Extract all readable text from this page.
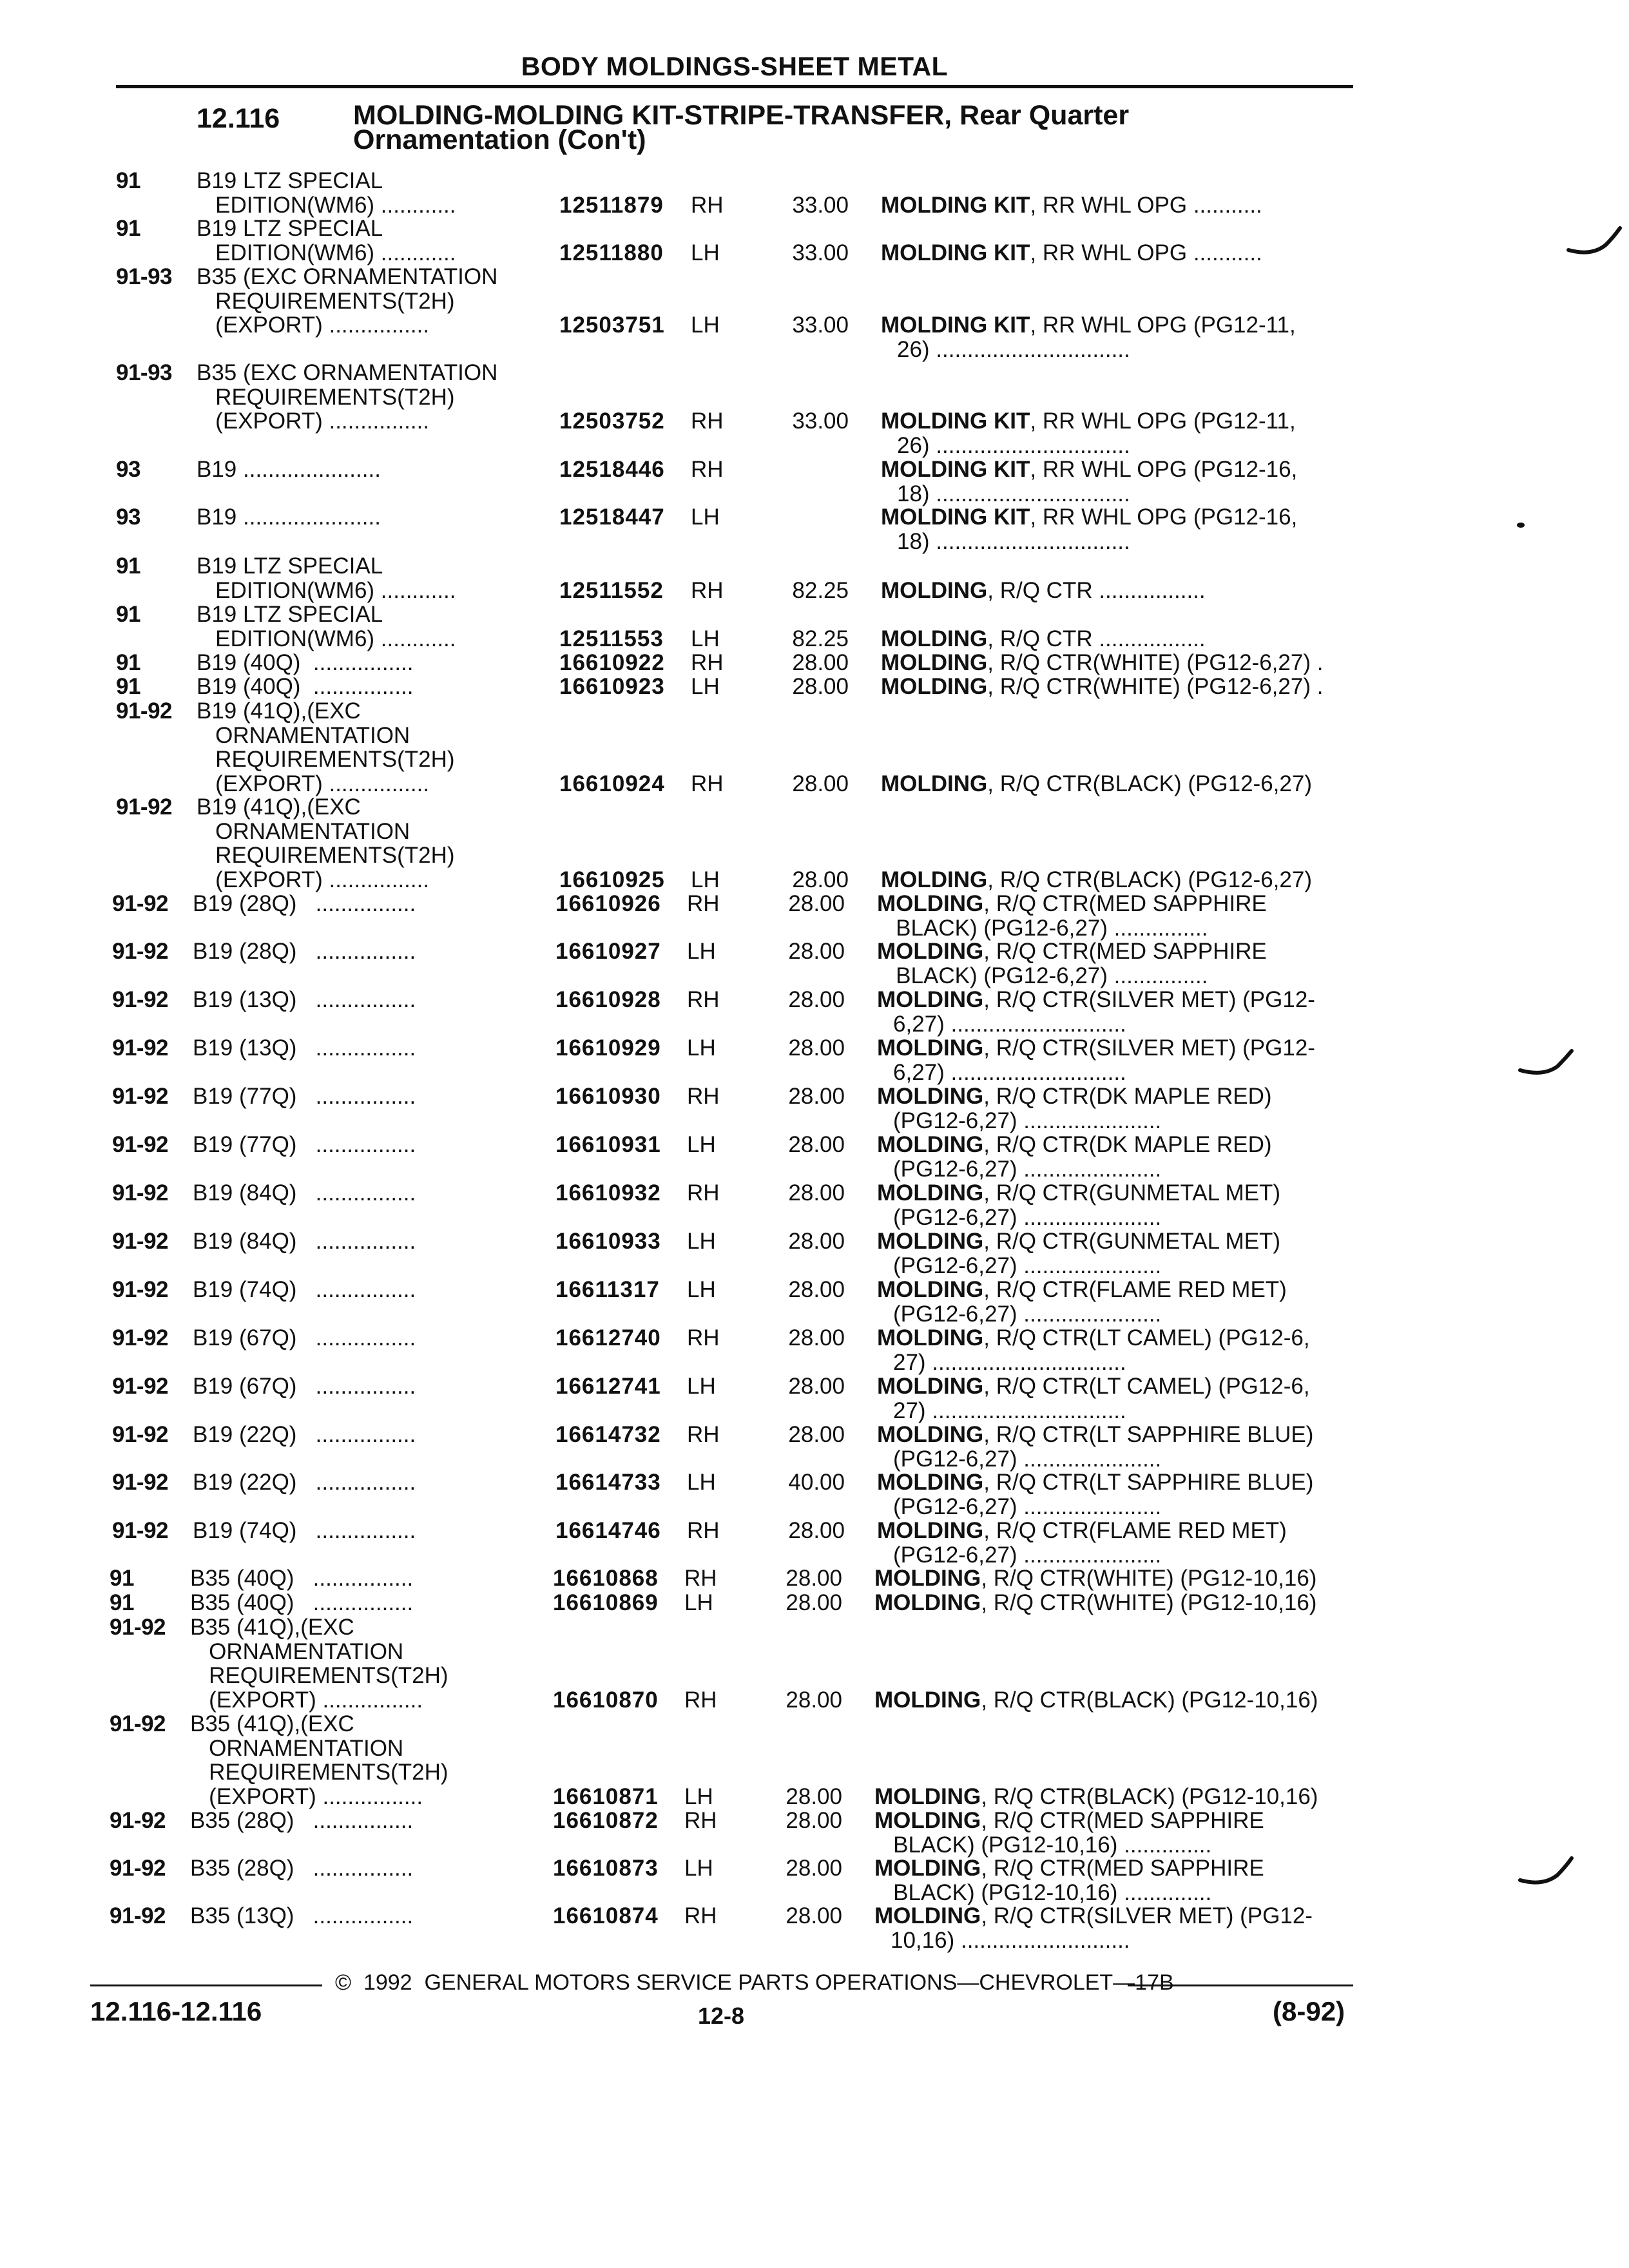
BODY MOLDINGS-SHEET METAL
12.116	MOLDING-MOLDING KIT-STRIPE-TRANSFER, Rear Quarter
Ornamentation (Con't)
91 B19 LTZ SPECIAL
EDITION(WM6) ............	12511879 RH	33.00 MOLDING KIT, RR WHL OPG ...........
91 B19 LTZ SPECIAL
EDITION(WM6) ............	12511880 LH	33.00 MOLDING KIT, RR WHL OPG ...........
91-93 B35 (EXC ORNAMENTATION
REQUIREMENTS(T2H)
(EXPORT) ................	12503751 LH	33.00 MOLDING KIT, RR WHL OPG (PG12-11,
26) ...............................
91-93 B35 (EXC ORNAMENTATION
REQUIREMENTS(T2H)
(EXPORT) ................	12503752 RH	33.00 MOLDING KIT, RR WHL OPG (PG12-11,
26) ...............................
93 B19 ......................	12518446 RH	MOLDING KIT, RR WHL OPG (PG12-16,
18) ...............................
93 B19 ......................	12518447 LH	MOLDING KIT, RR WHL OPG (PG12-16,
18) ...............................
91 B19 LTZ SPECIAL
EDITION(WM6) ............	12511552 RH	82.25 MOLDING, R/Q CTR .................
91 B19 LTZ SPECIAL
EDITION(WM6) ............	12511553 LH	82.25 MOLDING, R/Q CTR .................
91 B19 (40Q)  ................	16610922 RH	28.00 MOLDING, R/Q CTR(WHITE) (PG12-6,27) .
91 B19 (40Q)  ................	16610923 LH	28.00 MOLDING, R/Q CTR(WHITE) (PG12-6,27) .
91-92 B19 (41Q),(EXC
ORNAMENTATION
REQUIREMENTS(T2H)
(EXPORT) ................	16610924 RH	28.00 MOLDING, R/Q CTR(BLACK) (PG12-6,27)
91-92 B19 (41Q),(EXC
ORNAMENTATION
REQUIREMENTS(T2H)
(EXPORT) ................	16610925 LH	28.00 MOLDING, R/Q CTR(BLACK) (PG12-6,27)
91-92 B19 (28Q)   ................	16610926 RH	28.00 MOLDING, R/Q CTR(MED SAPPHIRE
BLACK) (PG12-6,27) ...............
91-92 B19 (28Q)   ................	16610927 LH	28.00 MOLDING, R/Q CTR(MED SAPPHIRE
BLACK) (PG12-6,27) ...............
91-92 B19 (13Q)   ................	16610928 RH	28.00 MOLDING, R/Q CTR(SILVER MET) (PG12-
6,27) ............................
91-92 B19 (13Q)   ................	16610929 LH	28.00 MOLDING, R/Q CTR(SILVER MET) (PG12-
6,27) ............................
91-92 B19 (77Q)   ................	16610930 RH	28.00 MOLDING, R/Q CTR(DK MAPLE RED)
(PG12-6,27) ......................
91-92 B19 (77Q)   ................	16610931 LH	28.00 MOLDING, R/Q CTR(DK MAPLE RED)
(PG12-6,27) ......................
91-92 B19 (84Q)   ................	16610932 RH	28.00 MOLDING, R/Q CTR(GUNMETAL MET)
(PG12-6,27) ......................
91-92 B19 (84Q)   ................	16610933 LH	28.00 MOLDING, R/Q CTR(GUNMETAL MET)
(PG12-6,27) ......................
91-92 B19 (74Q)   ................	16611317 LH	28.00 MOLDING, R/Q CTR(FLAME RED MET)
(PG12-6,27) ......................
91-92 B19 (67Q)   ................	16612740 RH	28.00 MOLDING, R/Q CTR(LT CAMEL) (PG12-6,
27) ...............................
91-92 B19 (67Q)   ................	16612741 LH	28.00 MOLDING, R/Q CTR(LT CAMEL) (PG12-6,
27) ...............................
91-92 B19 (22Q)   ................	16614732 RH	28.00 MOLDING, R/Q CTR(LT SAPPHIRE BLUE)
(PG12-6,27) ......................
91-92 B19 (22Q)   ................	16614733 LH	40.00 MOLDING, R/Q CTR(LT SAPPHIRE BLUE)
(PG12-6,27) ......................
91-92 B19 (74Q)   ................	16614746 RH	28.00 MOLDING, R/Q CTR(FLAME RED MET)
(PG12-6,27) ......................
91 B35 (40Q)   ................	16610868 RH	28.00 MOLDING, R/Q CTR(WHITE) (PG12-10,16)
91 B35 (40Q)   ................	16610869 LH	28.00 MOLDING, R/Q CTR(WHITE) (PG12-10,16)
91-92 B35 (41Q),(EXC
ORNAMENTATION
REQUIREMENTS(T2H)
(EXPORT) ................	16610870 RH	28.00 MOLDING, R/Q CTR(BLACK) (PG12-10,16)
91-92 B35 (41Q),(EXC
ORNAMENTATION
REQUIREMENTS(T2H)
(EXPORT) ................	16610871 LH	28.00 MOLDING, R/Q CTR(BLACK) (PG12-10,16)
91-92 B35 (28Q)   ................	16610872 RH	28.00 MOLDING, R/Q CTR(MED SAPPHIRE
BLACK) (PG12-10,16) ..............
91-92 B35 (28Q)   ................	16610873 LH	28.00 MOLDING, R/Q CTR(MED SAPPHIRE
BLACK) (PG12-10,16) ..............
91-92 B35 (13Q)   ................	16610874 RH	28.00 MOLDING, R/Q CTR(SILVER MET) (PG12-
10,16) ...........................
©  1992  GENERAL MOTORS SERVICE PARTS OPERATIONS—CHEVROLET—17B
12.116-12.116	12-8	(8-92)
